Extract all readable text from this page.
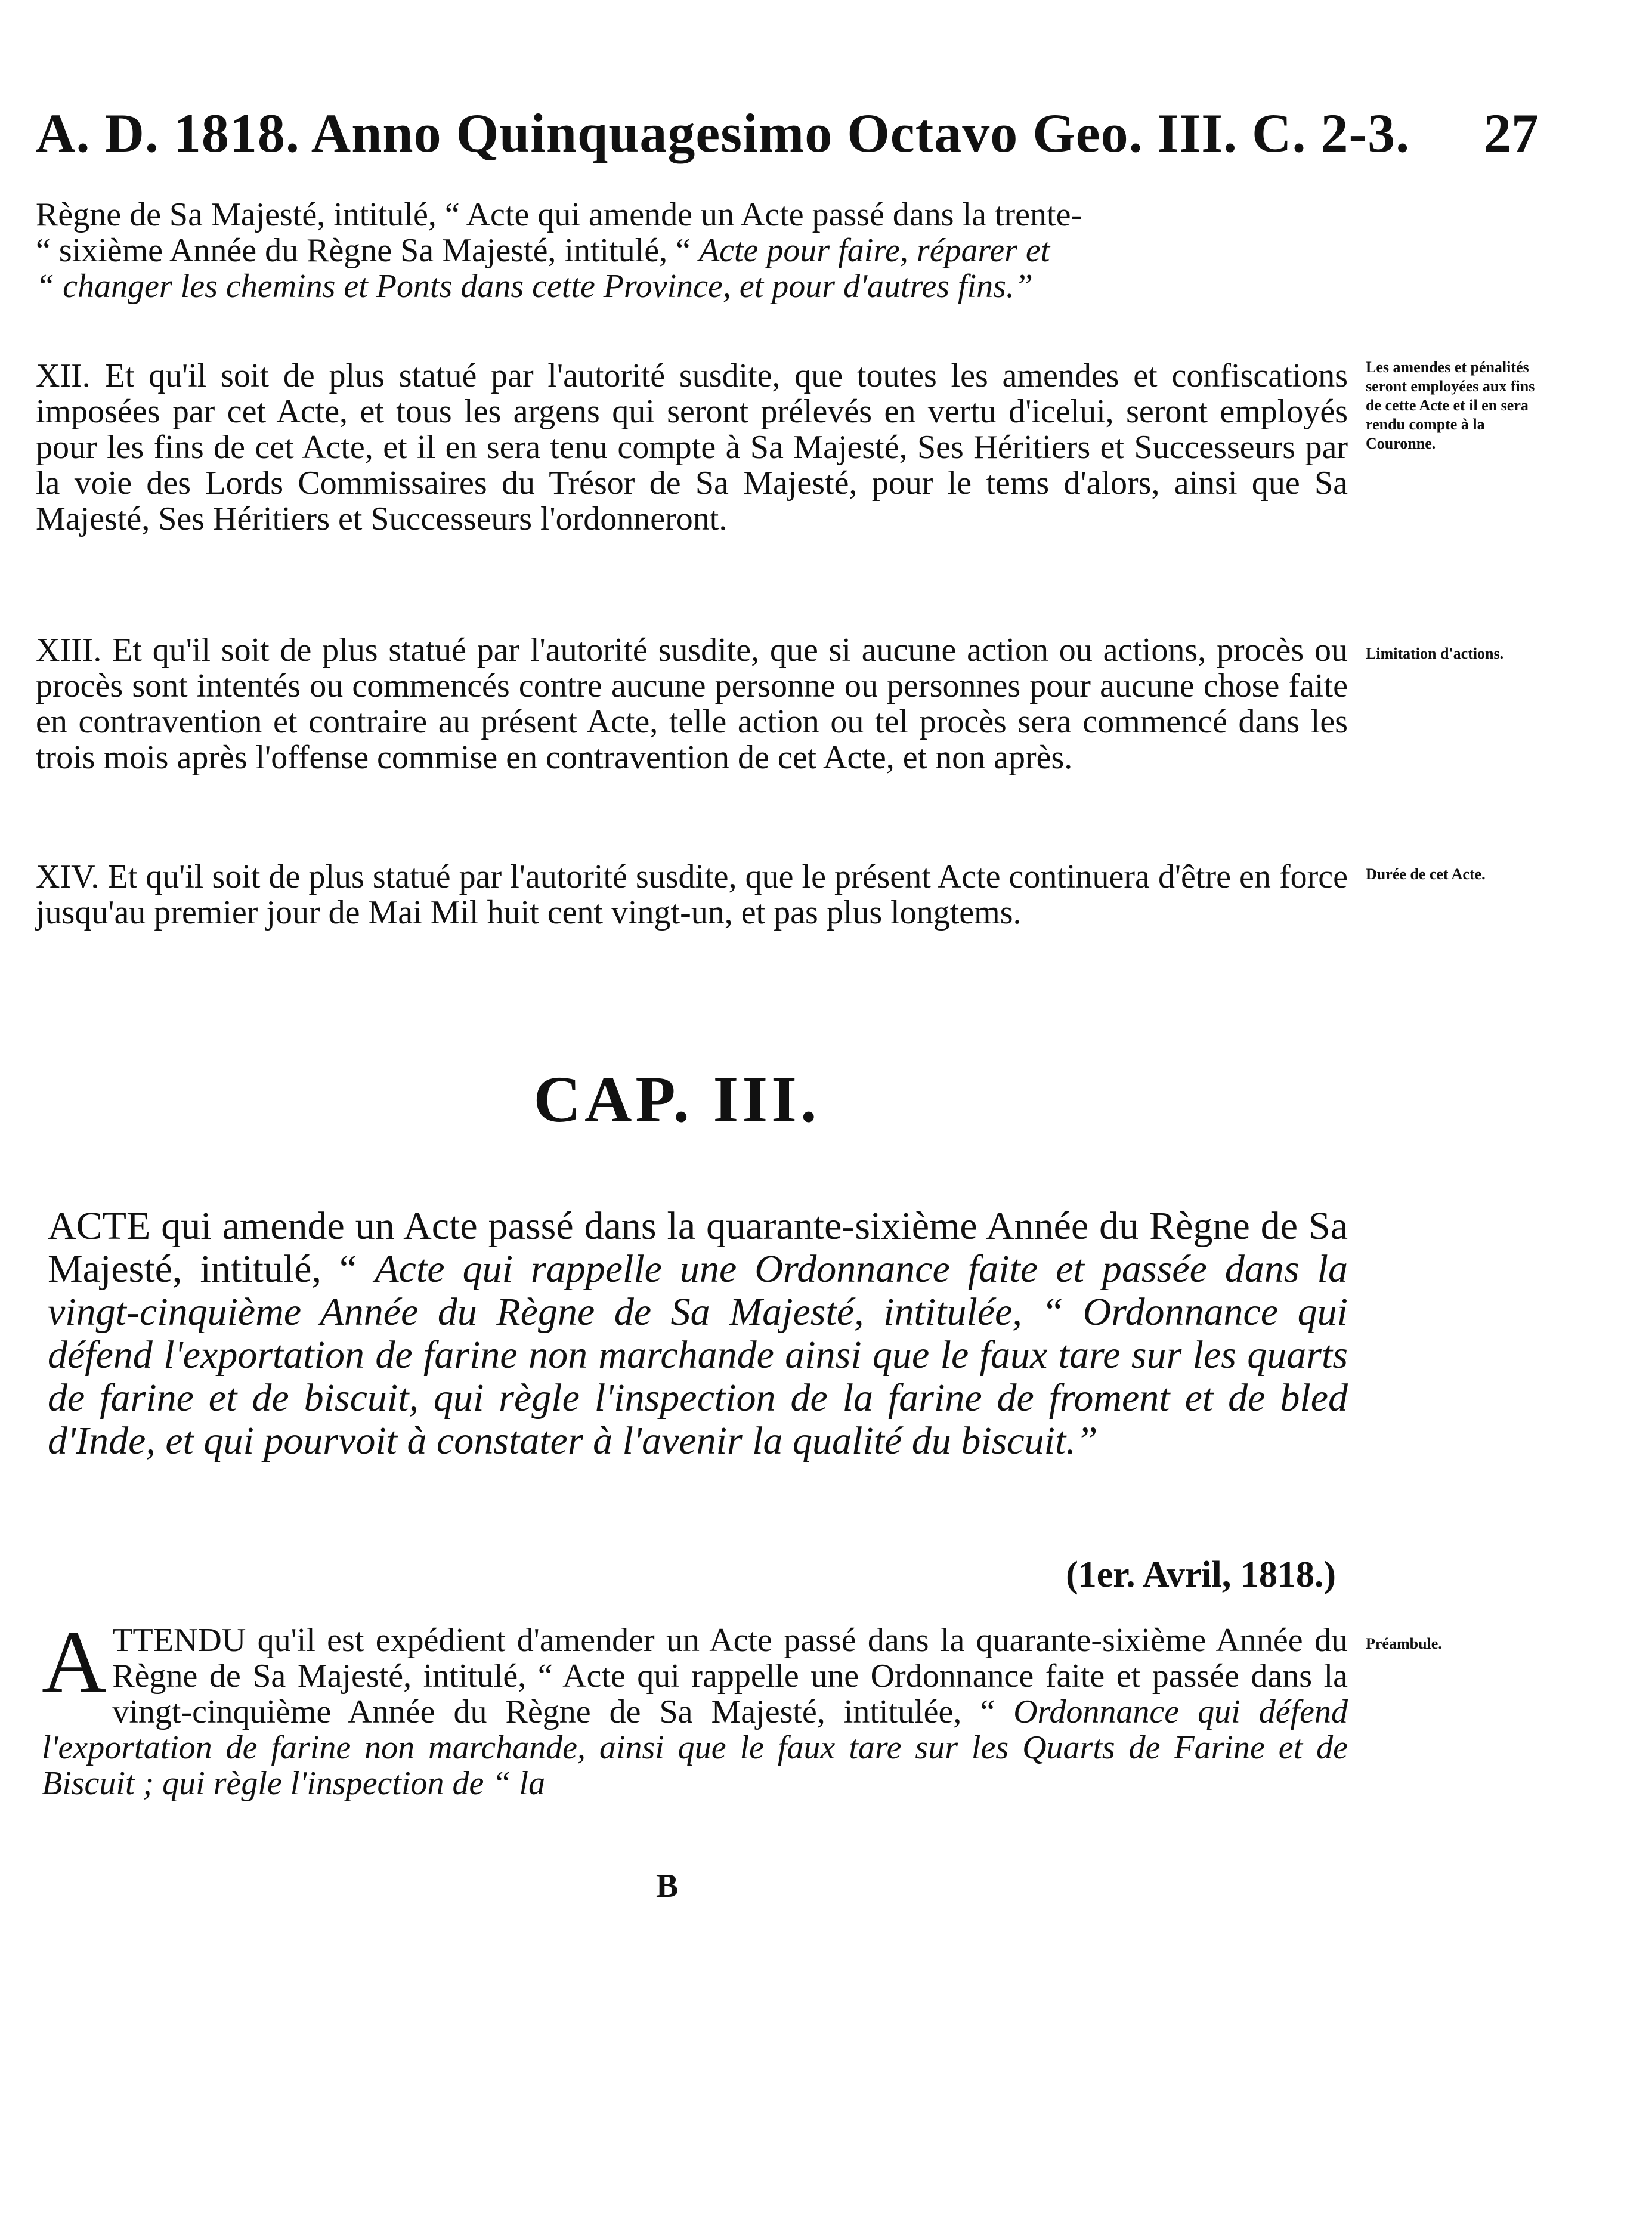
A. D. 1818. Anno Quinquagesimo Octavo Geo. III. C. 2-3. 27

Règne de Sa Majesté, intitulé, “ Acte qui amende un Acte passé dans la trente-

“ sixième Année du Règne Sa Majesté, intitulé, “ Acte pour faire, réparer et

“ changer les chemins et Ponts dans cette Province, et pour d'autres fins.”

XII. Et qu'il soit de plus statué par l'autorité susdite, que toutes les amendes et confiscations imposées par cet Acte, et tous les argens qui seront prélevés en vertu d'icelui, seront employés pour les fins de cet Acte, et il en sera tenu compte à Sa Majesté, Ses Héritiers et Successeurs par la voie des Lords Commissaires du Trésor de Sa Majesté, pour le tems d'alors, ainsi que Sa Majesté, Ses Héritiers et Successeurs l'ordonneront.

Les amendes et pénalités seront employées aux fins de cette Acte et il en sera rendu compte à la Couronne.

XIII. Et qu'il soit de plus statué par l'autorité susdite, que si aucune action ou actions, procès ou procès sont intentés ou commencés contre aucune personne ou personnes pour aucune chose faite en contravention et contraire au présent Acte, telle action ou tel procès sera commencé dans les trois mois après l'offense commise en contravention de cet Acte, et non après.

Limitation d'actions.

XIV. Et qu'il soit de plus statué par l'autorité susdite, que le présent Acte continuera d'être en force jusqu'au premier jour de Mai Mil huit cent vingt-un, et pas plus longtems.

Durée de cet Acte.
CAP. III.

ACTE qui amende un Acte passé dans la quarante-sixième Année du Règne de Sa Majesté, intitulé, “ Acte qui rappelle une Ordonnance faite et passée dans la vingt-cinquième Année du Règne de Sa Majesté, intitulée, “ Ordonnance qui défend l'exportation de farine non marchande ainsi que le faux tare sur les quarts de farine et de biscuit, qui règle l'inspection de la farine de froment et de bled d'Inde, et qui pourvoit à constater à l'avenir la qualité du biscuit.”

(1er. Avril, 1818.)
A TTENDU qu'il est expédient d'amender un Acte passé dans la quarante-sixième Année du Règne de Sa Majesté, intitulé, “ Acte qui rappelle une Ordonnance faite et passée dans la vingt-cinquième Année du Règne de Sa Majesté, intitulée, “ Ordonnance qui défend l'exportation de farine non marchande, ainsi que le faux tare sur les Quarts de Farine et de Biscuit ; qui règle l'inspection de “ la
Préambule.
B
